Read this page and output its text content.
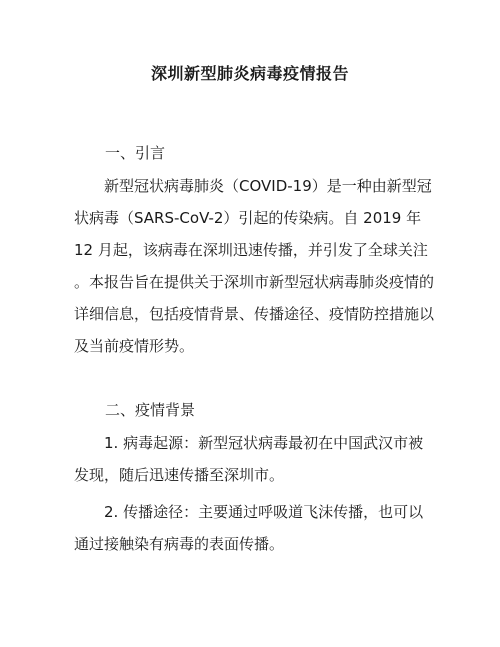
深圳新型肺炎病毒疫情报告
一、引言
新型冠状病毒肺炎（COVID-19）是一种由新型冠
状病毒（SARS-CoV-2）引起的传染病。自 2019 年
12 月起，该病毒在深圳迅速传播，并引发了全球关注
。本报告旨在提供关于深圳市新型冠状病毒肺炎疫情的
详细信息，包括疫情背景、传播途径、疫情防控措施以
及当前疫情形势。
二、疫情背景
1. 病毒起源：新型冠状病毒最初在中国武汉市被
发现，随后迅速传播至深圳市。
2. 传播途径：主要通过呼吸道飞沫传播，也可以
通过接触染有病毒的表面传播。
